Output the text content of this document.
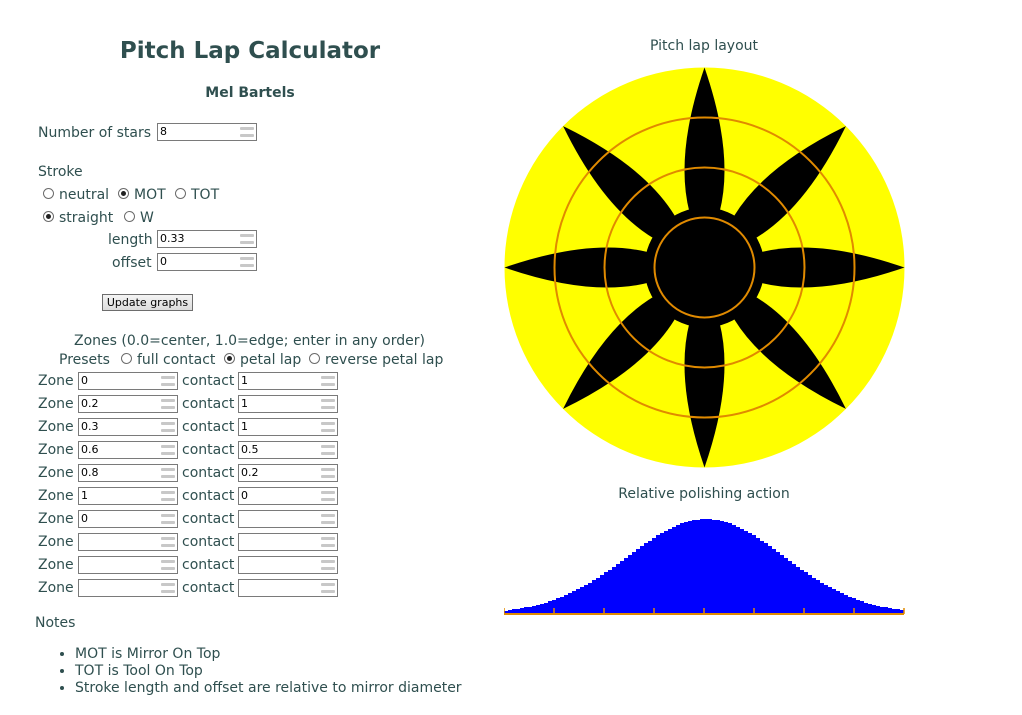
Pitch Lap Calculator
Mel Bartels
Number of stars 8
Stroke
neutral MOT TOT
straight W
length 0.33
offset 0
Update graphs
Zones (0.0=center, 1.0=edge; enter in any order)
Presets full contact petal lap reverse petal lap
Zone 0	contact 1
Zone 0.2	contact 1
Zone 0.3	contact 1
Zone 0.6	contact 0.5
Zone 0.8	contact 0.2
Zone 1	contact 0
Zone 0	contact
Zone	contact
Zone	contact
Zone	contact
Notes
• MOT is Mirror On Top
• TOT is Tool On Top
• Stroke length and offset are relative to mirror diameter
Pitch lap layout
Relative polishing action
